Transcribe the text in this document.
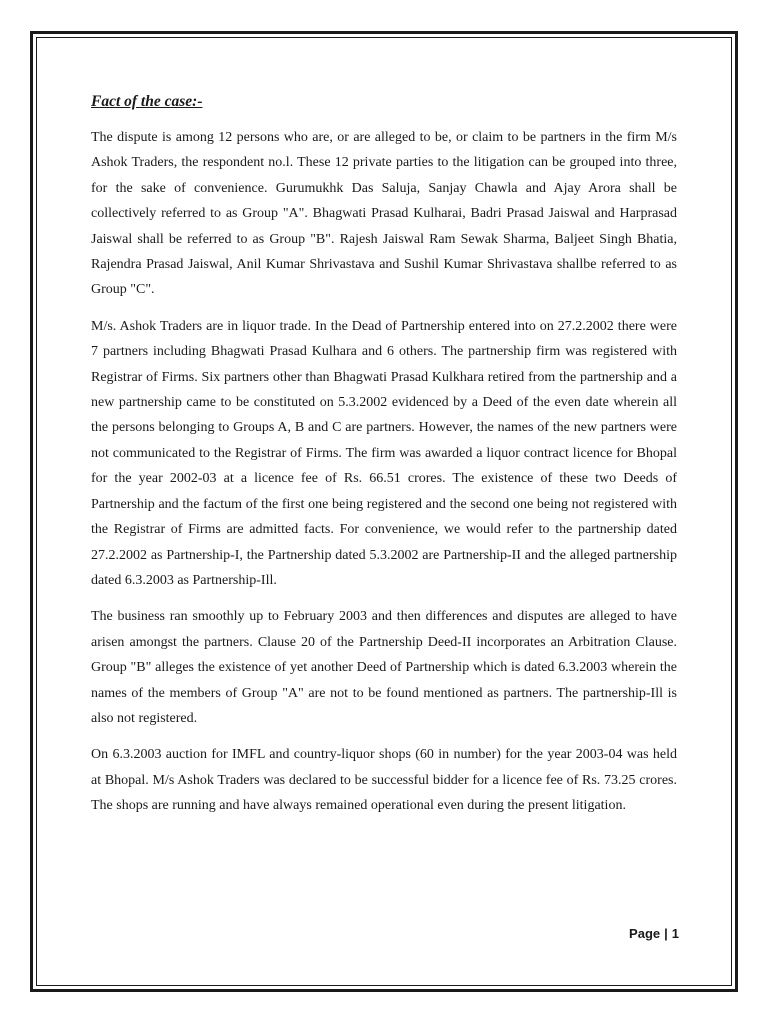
Fact of the case:-

The dispute is among 12 persons who are, or are alleged to be, or claim to be partners in the firm M/s Ashok Traders, the respondent no.l. These 12 private parties to the litigation can be grouped into three, for the sake of convenience. Gurumukhk Das Saluja, Sanjay Chawla and Ajay Arora shall be collectively referred to as Group "A". Bhagwati Prasad Kulharai, Badri Prasad Jaiswal and Harprasad Jaiswal shall be referred to as Group "B". Rajesh Jaiswal Ram Sewak Sharma, Baljeet Singh Bhatia, Rajendra Prasad Jaiswal, Anil Kumar Shrivastava and Sushil Kumar Shrivastava shallbe referred to as Group "C".

M/s. Ashok Traders are in liquor trade. In the Dead of Partnership entered into on 27.2.2002 there were 7 partners including Bhagwati Prasad Kulhara and 6 others. The partnership firm was registered with Registrar of Firms. Six partners other than Bhagwati Prasad Kulkhara retired from the partnership and a new partnership came to be constituted on 5.3.2002 evidenced by a Deed of the even date wherein all the persons belonging to Groups A, B and C are partners. However, the names of the new partners were not communicated to the Registrar of Firms. The firm was awarded a liquor contract licence for Bhopal for the year 2002-03 at a licence fee of Rs. 66.51 crores. The existence of these two Deeds of Partnership and the factum of the first one being registered and the second one being not registered with the Registrar of Firms are admitted facts. For convenience, we would refer to the partnership dated 27.2.2002 as Partnership-I, the Partnership dated 5.3.2002 are Partnership-II and the alleged partnership dated 6.3.2003 as Partnership-Ill.

The business ran smoothly up to February 2003 and then differences and disputes are alleged to have arisen amongst the partners. Clause 20 of the Partnership Deed-II incorporates an Arbitration Clause. Group "B" alleges the existence of yet another Deed of Partnership which is dated 6.3.2003 wherein the names of the members of Group "A" are not to be found mentioned as partners. The partnership-Ill is also not registered.

On 6.3.2003 auction for IMFL and country-liquor shops (60 in number) for the year 2003-04 was held at Bhopal. M/s Ashok Traders was declared to be successful bidder for a licence fee of Rs. 73.25 crores. The shops are running and have always remained operational even during the present litigation.

Page | 1
